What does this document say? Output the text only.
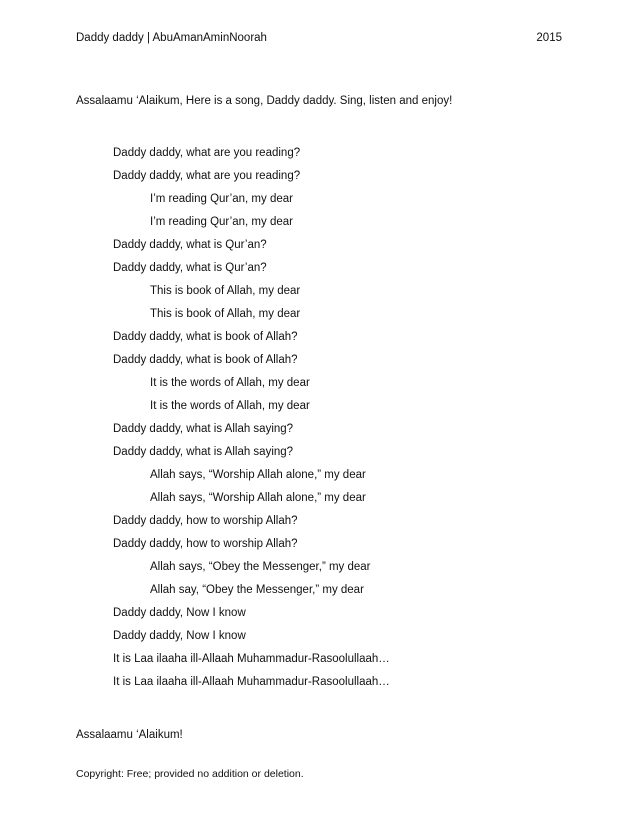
Daddy daddy | AbuAmanAminNoorah	2015
Assalaamu ‘Alaikum, Here is a song, Daddy daddy. Sing, listen and enjoy!
Daddy daddy, what are you reading?
Daddy daddy, what are you reading?
I’m reading Qur’an, my dear
I’m reading Qur’an, my dear
Daddy daddy, what is Qur’an?
Daddy daddy, what is Qur’an?
This is book of Allah, my dear
This is book of Allah, my dear
Daddy daddy, what is book of Allah?
Daddy daddy, what is book of Allah?
It is the words of Allah, my dear
It is the words of Allah, my dear
Daddy daddy, what is Allah saying?
Daddy daddy, what is Allah saying?
Allah says, “Worship Allah alone,” my dear
Allah says, “Worship Allah alone,” my dear
Daddy daddy, how to worship Allah?
Daddy daddy, how to worship Allah?
Allah says, “Obey the Messenger,” my dear
Allah say, “Obey the Messenger,” my dear
Daddy daddy, Now I know
Daddy daddy, Now I know
It is Laa ilaaha ill-Allaah Muhammadur-Rasoolullaah…
It is Laa ilaaha ill-Allaah Muhammadur-Rasoolullaah…
Assalaamu ‘Alaikum!
Copyright: Free; provided no addition or deletion.
